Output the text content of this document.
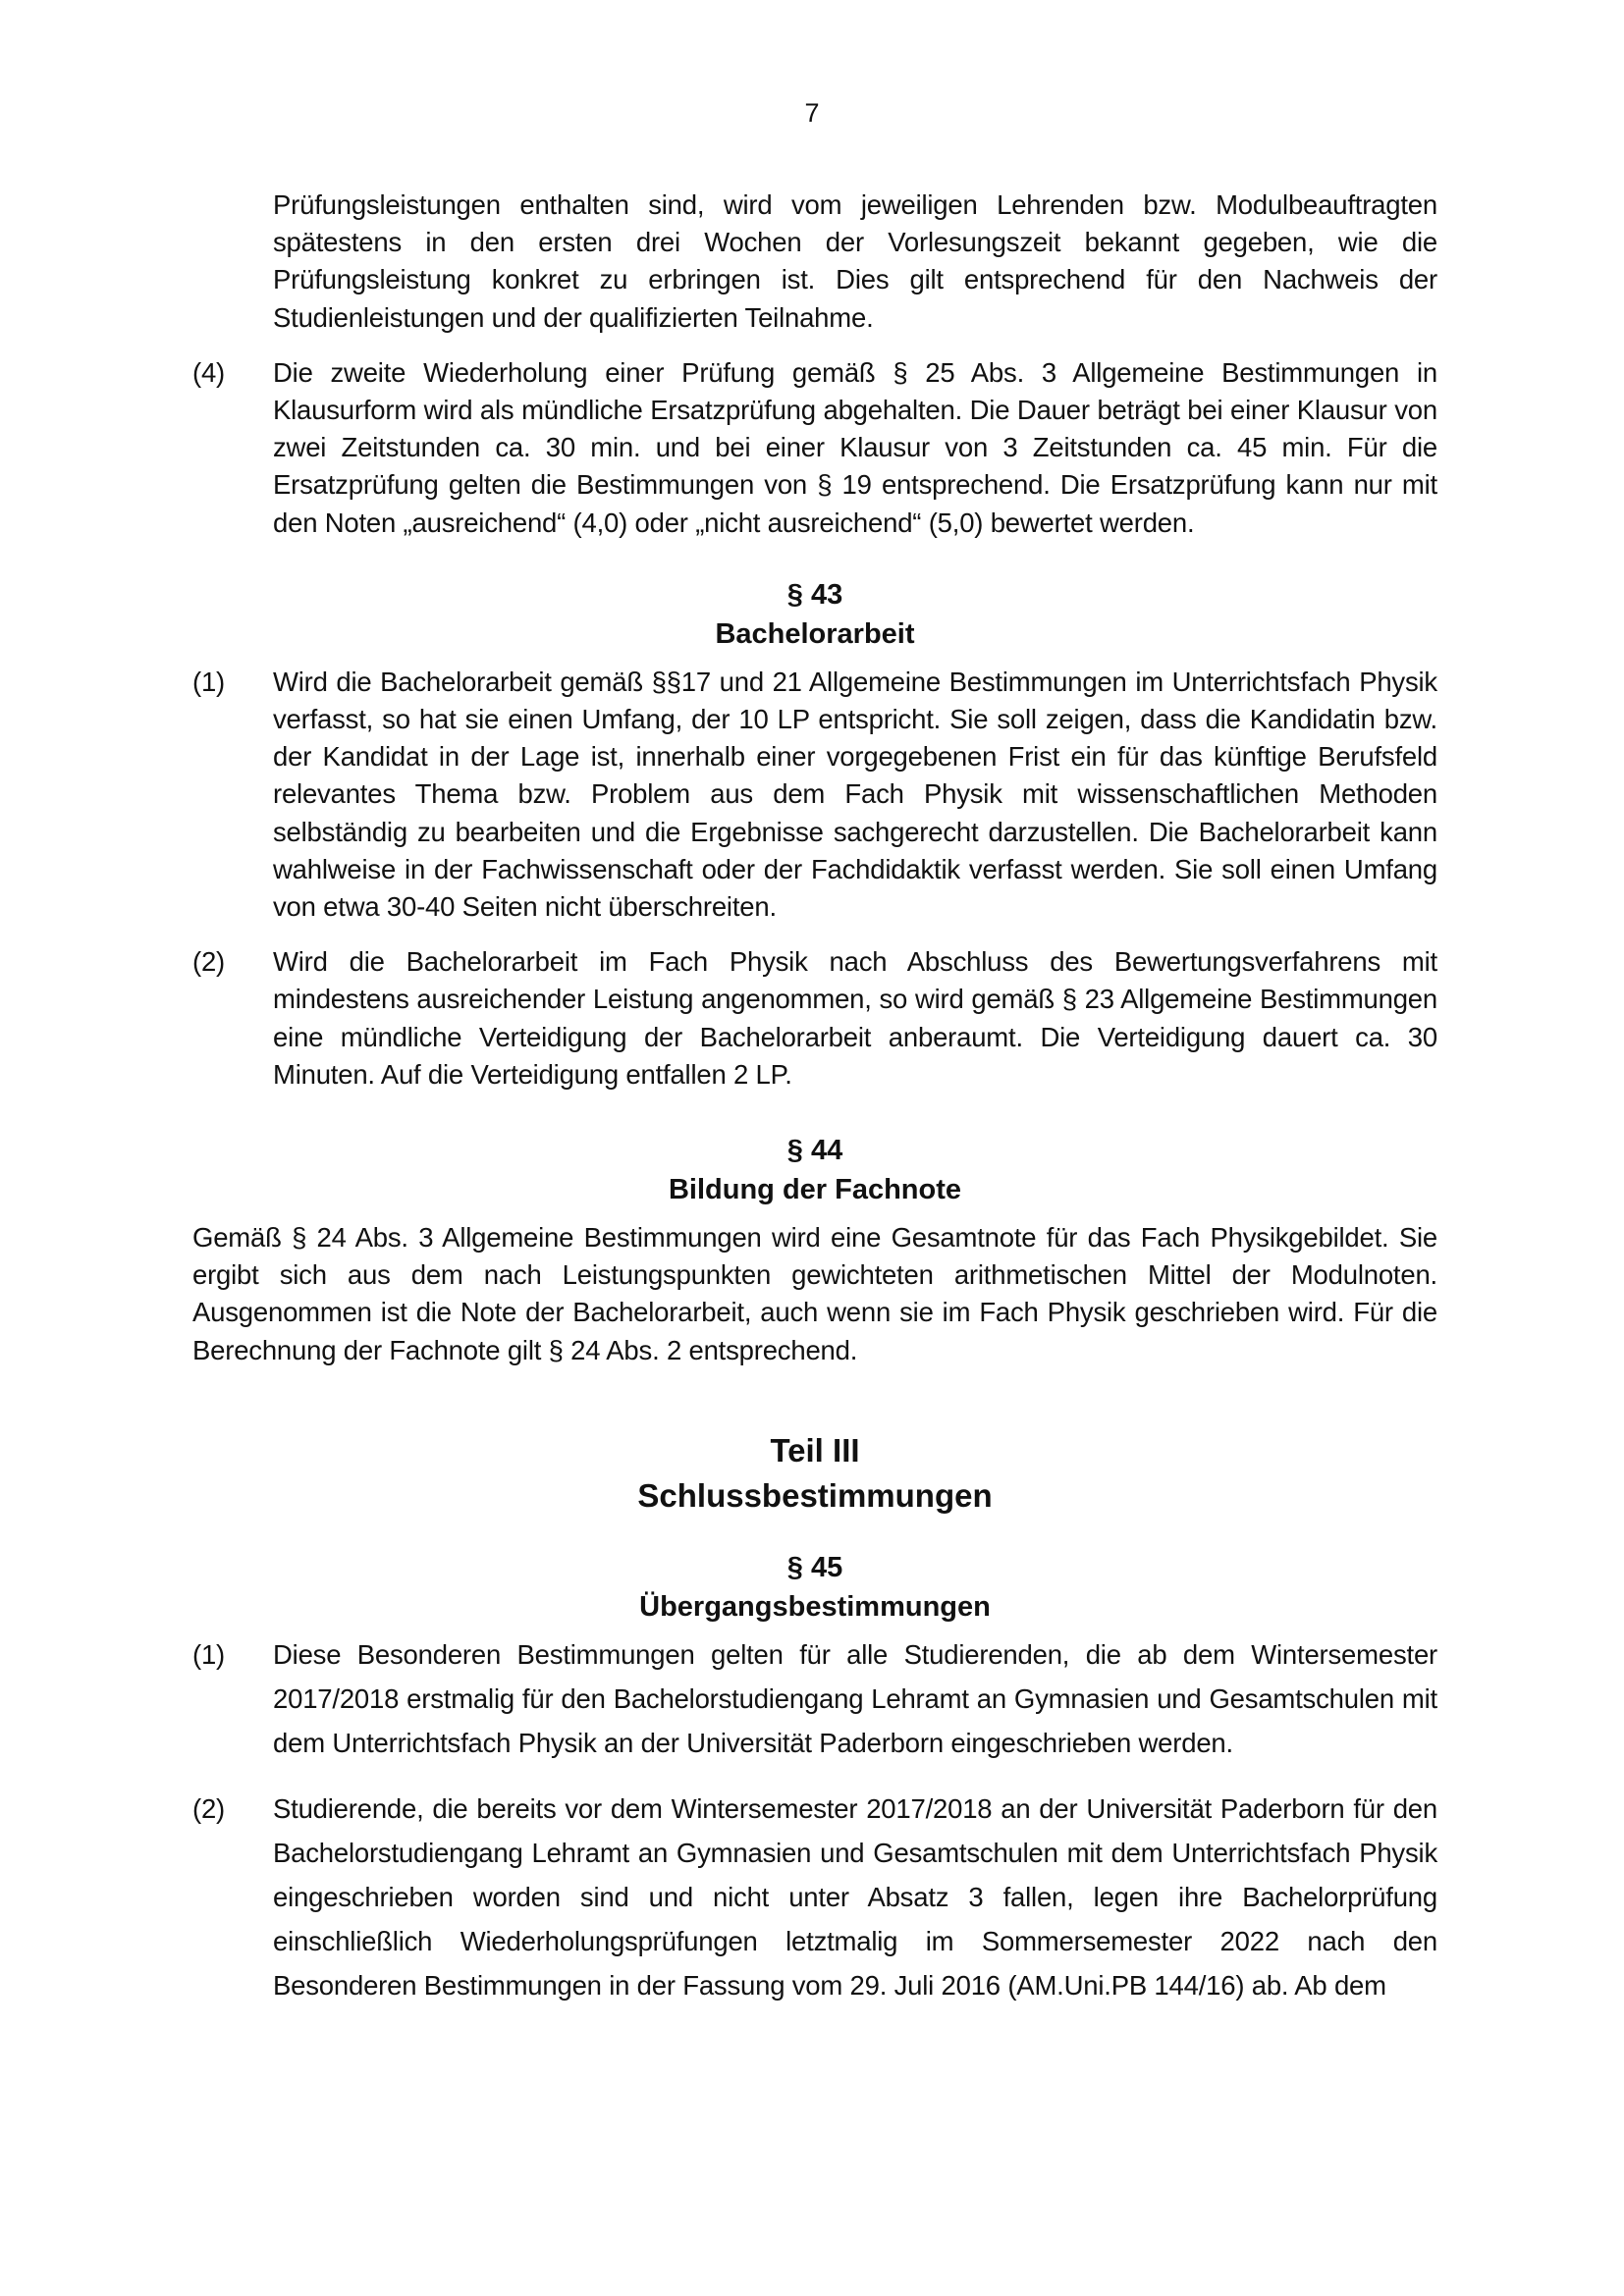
7
Prüfungsleistungen enthalten sind, wird vom jeweiligen Lehrenden bzw. Modulbeauftragten spätestens in den ersten drei Wochen der Vorlesungszeit bekannt gegeben, wie die Prüfungsleistung konkret zu erbringen ist. Dies gilt entsprechend für den Nachweis der Studienleistungen und der qualifizierten Teilnahme.
(4)	Die zweite Wiederholung einer Prüfung gemäß § 25 Abs. 3 Allgemeine Bestimmungen in Klausurform wird als mündliche Ersatzprüfung abgehalten. Die Dauer beträgt bei einer Klausur von zwei Zeitstunden ca. 30 min. und bei einer Klausur von 3 Zeitstunden ca. 45 min. Für die Ersatzprüfung gelten die Bestimmungen von § 19 entsprechend. Die Ersatzprüfung kann nur mit den Noten „ausreichend“ (4,0) oder „nicht ausreichend“ (5,0) bewertet werden.
§ 43
Bachelorarbeit
(1)	Wird die Bachelorarbeit gemäß §§17 und 21 Allgemeine Bestimmungen im Unterrichtsfach Physik verfasst, so hat sie einen Umfang, der 10 LP entspricht. Sie soll zeigen, dass die Kandidatin bzw. der Kandidat in der Lage ist, innerhalb einer vorgegebenen Frist ein für das künftige Berufsfeld relevantes Thema bzw. Problem aus dem Fach Physik mit wissenschaftlichen Methoden selbständig zu bearbeiten und die Ergebnisse sachgerecht darzustellen. Die Bachelorarbeit kann wahlweise in der Fachwissenschaft oder der Fachdidaktik verfasst werden. Sie soll einen Umfang von etwa 30-40 Seiten nicht überschreiten.
(2)	Wird die Bachelorarbeit im Fach Physik nach Abschluss des Bewertungsverfahrens mit mindestens ausreichender Leistung angenommen, so wird gemäß § 23 Allgemeine Bestimmungen eine mündliche Verteidigung der Bachelorarbeit anberaumt. Die Verteidigung dauert ca. 30 Minuten. Auf die Verteidigung entfallen 2 LP.
§ 44
Bildung der Fachnote
Gemäß § 24 Abs. 3 Allgemeine Bestimmungen wird eine Gesamtnote für das Fach Physikgebildet. Sie ergibt sich aus dem nach Leistungspunkten gewichteten arithmetischen Mittel der Modulnoten. Ausgenommen ist die Note der Bachelorarbeit, auch wenn sie im Fach Physik geschrieben wird. Für die Berechnung der Fachnote gilt § 24 Abs. 2 entsprechend.
Teil III
Schlussbestimmungen
§ 45
Übergangsbestimmungen
(1)	Diese Besonderen Bestimmungen gelten für alle Studierenden, die ab dem Wintersemester 2017/2018 erstmalig für den Bachelorstudiengang Lehramt an Gymnasien und Gesamtschulen mit dem Unterrichtsfach Physik an der Universität Paderborn eingeschrieben werden.
(2)	Studierende, die bereits vor dem Wintersemester 2017/2018 an der Universität Paderborn für den Bachelorstudiengang Lehramt an Gymnasien und Gesamtschulen mit dem Unterrichtsfach Physik eingeschrieben worden sind und nicht unter Absatz 3 fallen, legen ihre Bachelorprüfung einschließlich Wiederholungsprüfungen letztmalig im Sommersemester 2022 nach den Besonderen Bestimmungen in der Fassung vom 29. Juli 2016 (AM.Uni.PB 144/16) ab. Ab dem
